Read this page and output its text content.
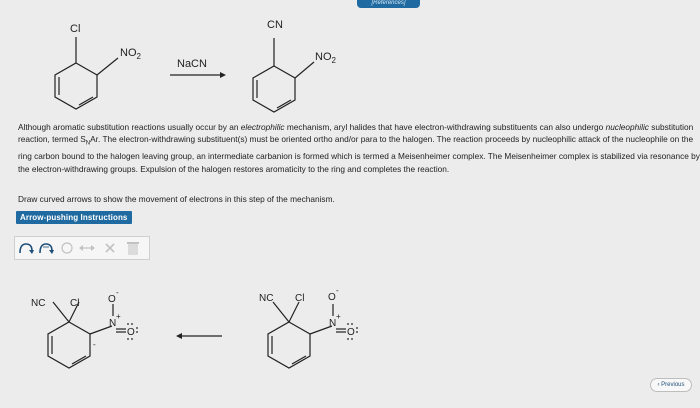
[References]
Cl
$NO_2$
NaCN
CN
$NO_2$
Although aromatic substitution reactions usually occur by an electrophilic mechanism, aryl halides that have electron-withdrawing substituents can also undergo nucleophilic substitution reaction, termed $S_NAr$. The electron-withdrawing substituent(s) must be oriented ortho and/or para to the halogen. The reaction proceeds by nucleophilic attack of the nucleophile on the ring carbon bound to the halogen leaving group, an intermediate carbanion is formed which is termed a Meisenheimer complex. The Meisenheimer complex is stabilized via resonance by the electron-withdrawing groups. Expulsion of the halogen restores aromaticity to the ring and completes the reaction.
Draw curved arrows to show the movement of electrons in this step of the mechanism.
Arrow-pushing Instructions
NC Cl	O
-
N
+
O
-
NC Cl O
-
N
+
O
‹ Previous
